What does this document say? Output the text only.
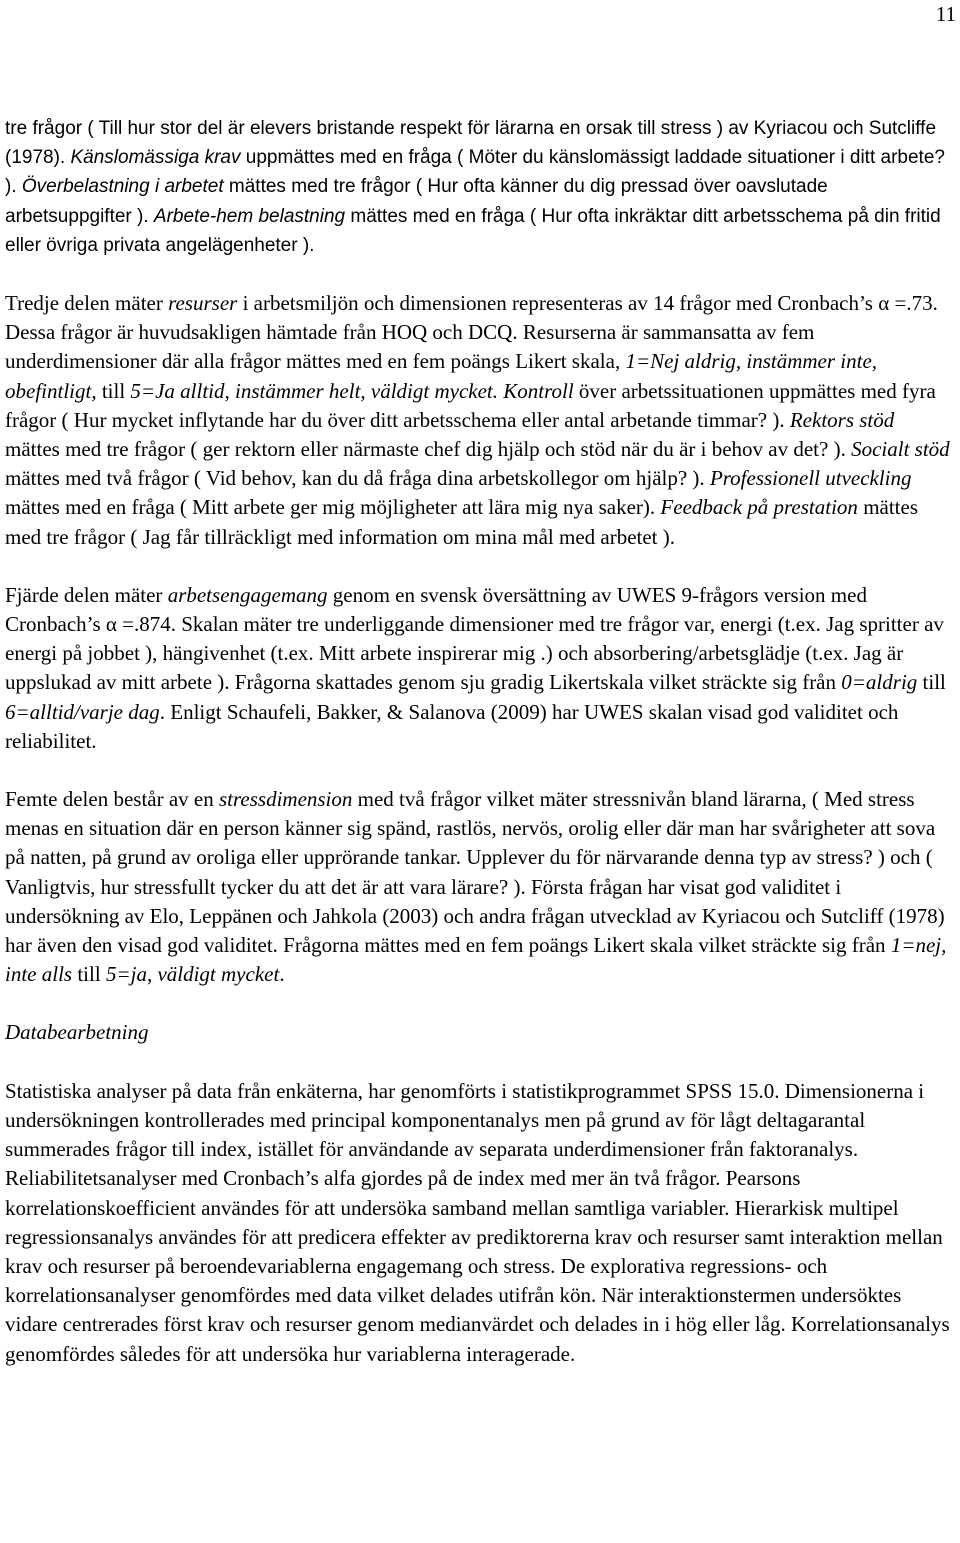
11

tre frågor ( Till hur stor del är elevers bristande respekt för lärarna en orsak till stress ) av Kyriacou och Sutcliffe (1978). Känslomässiga krav uppmättes med en fråga ( Möter du känslomässigt laddade situationer i ditt arbete? ). Överbelastning i arbetet mättes med tre frågor ( Hur ofta känner du dig pressad över oavslutade arbetsuppgifter ). Arbete-hem belastning mättes med en fråga ( Hur ofta inkräktar ditt arbetsschema på din fritid eller övriga privata angelägenheter ).

Tredje delen mäter resurser i arbetsmiljön och dimensionen representeras av 14 frågor med Cronbach’s α =.73. Dessa frågor är huvudsakligen hämtade från HOQ och DCQ. Resurserna är sammansatta av fem underdimensioner där alla frågor mättes med en fem poängs Likert skala, 1=Nej aldrig, instämmer inte, obefintligt, till 5=Ja alltid, instämmer helt, väldigt mycket. Kontroll över arbetssituationen uppmättes med fyra frågor ( Hur mycket inflytande har du över ditt arbetsschema eller antal arbetande timmar? ). Rektors stöd mättes med tre frågor ( ger rektorn eller närmaste chef dig hjälp och stöd när du är i behov av det? ). Socialt stöd mättes med två frågor ( Vid behov, kan du då fråga dina arbetskollegor om hjälp? ). Professionell utveckling mättes med en fråga ( Mitt arbete ger mig möjligheter att lära mig nya saker). Feedback på prestation mättes med tre frågor ( Jag får tillräckligt med information om mina mål med arbetet ).

Fjärde delen mäter arbetsengagemang genom en svensk översättning av UWES 9-frågors version med Cronbach’s α =.874. Skalan mäter tre underliggande dimensioner med tre frågor var, energi (t.ex. Jag spritter av energi på jobbet ), hängivenhet (t.ex. Mitt arbete inspirerar mig .) och absorbering/arbetsglädje (t.ex. Jag är uppslukad av mitt arbete ). Frågorna skattades genom sju gradig Likertskala vilket sträckte sig från 0=aldrig till 6=alltid/varje dag. Enligt Schaufeli, Bakker, & Salanova (2009) har UWES skalan visad god validitet och reliabilitet.

Femte delen består av en stressdimension med två frågor vilket mäter stressnivån bland lärarna, ( Med stress menas en situation där en person känner sig spänd, rastlös, nervös, orolig eller där man har svårigheter att sova på natten, på grund av oroliga eller upprörande tankar. Upplever du för närvarande denna typ av stress? ) och ( Vanligtvis, hur stressfullt tycker du att det är att vara lärare? ). Första frågan har visat god validitet i undersökning av Elo, Leppänen och Jahkola (2003) och andra frågan utvecklad av Kyriacou och Sutcliff (1978) har även den visad god validitet. Frågorna mättes med en fem poängs Likert skala vilket sträckte sig från 1=nej, inte alls till 5=ja, väldigt mycket.

Databearbetning

Statistiska analyser på data från enkäterna, har genomförts i statistikprogrammet SPSS 15.0. Dimensionerna i undersökningen kontrollerades med principal komponentanalys men på grund av för lågt deltagarantal summerades frågor till index, istället för användande av separata underdimensioner från faktoranalys. Reliabilitetsanalyser med Cronbach’s alfa gjordes på de index med mer än två frågor. Pearsons korrelationskoefficient användes för att undersöka samband mellan samtliga variabler. Hierarkisk multipel regressionsanalys användes för att predicera effekter av prediktorerna krav och resurser samt interaktion mellan krav och resurser på beroendevariablerna engagemang och stress. De explorativa regressions- och korrelationsanalyser genomfördes med data vilket delades utifrån kön. När interaktionstermen undersöktes vidare centrerades först krav och resurser genom medianvärdet och delades in i hög eller låg. Korrelationsanalys genomfördes således för att undersöka hur variablerna interagerade.
